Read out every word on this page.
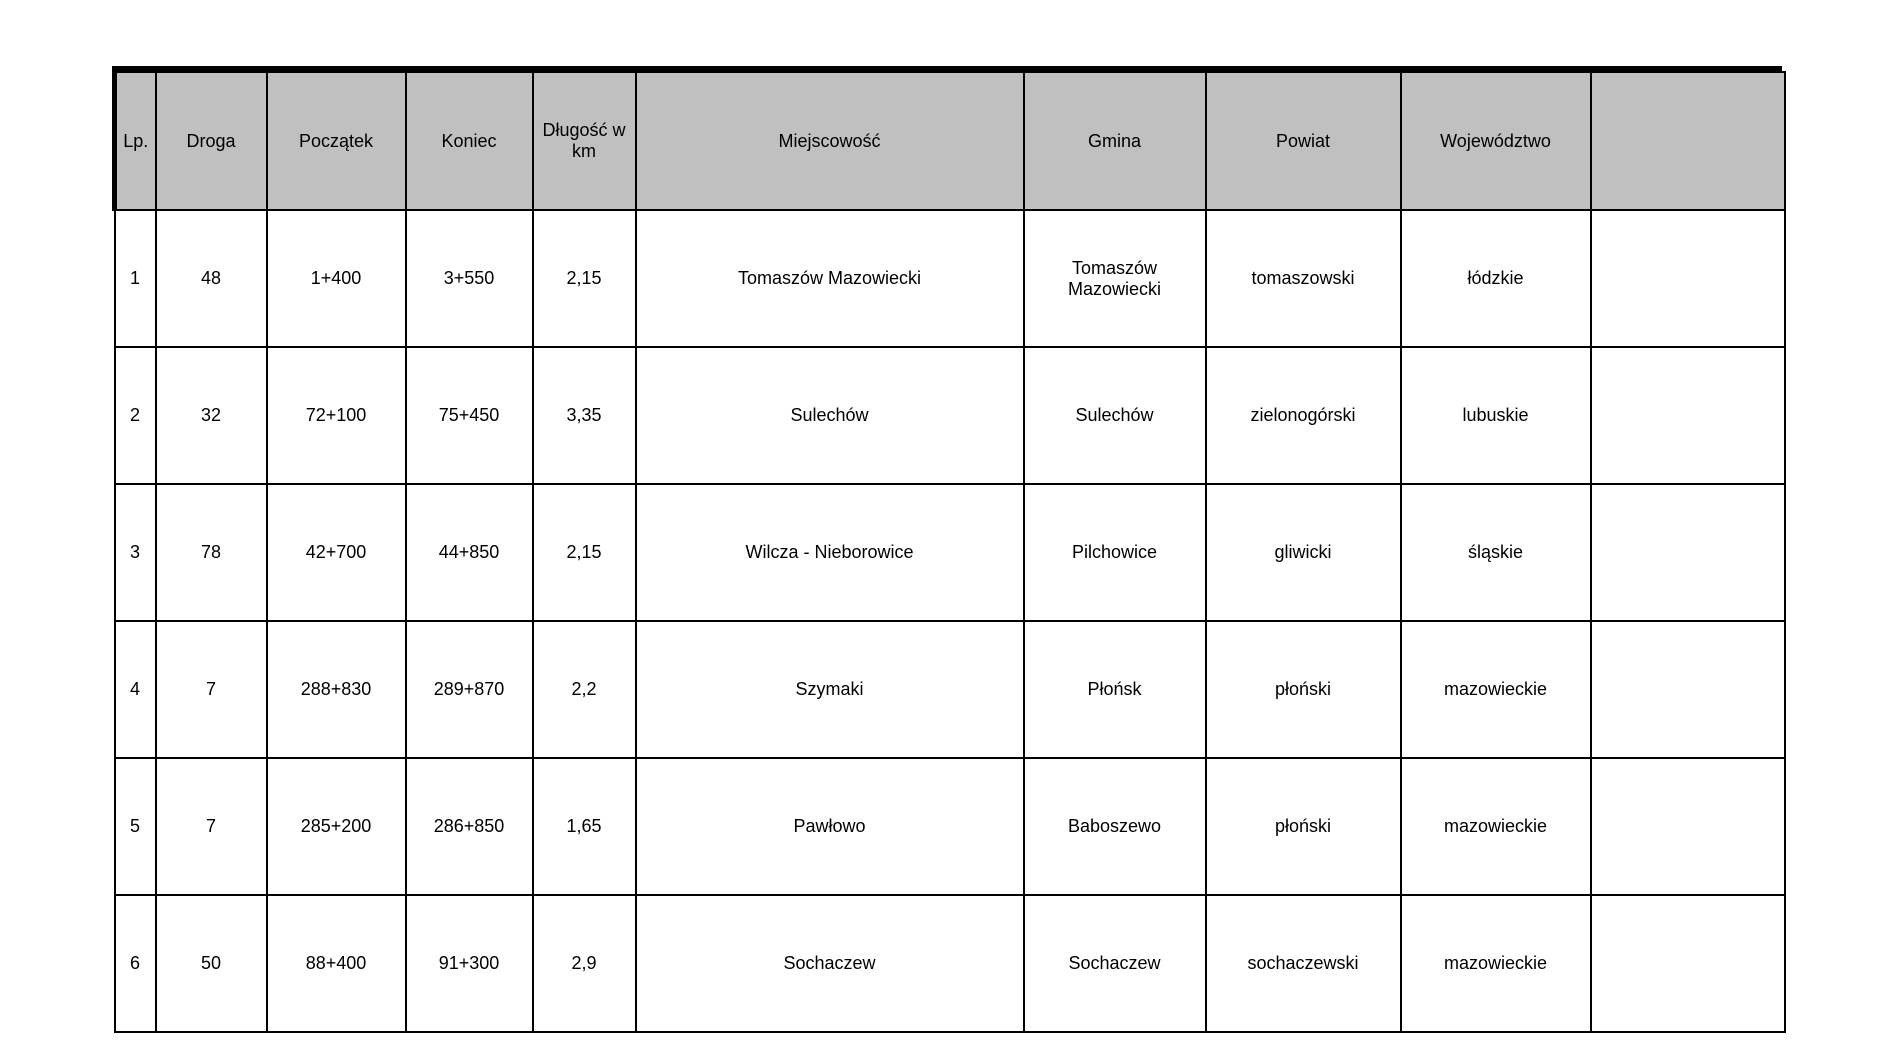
Lp.	Droga	Początek	Koniec	Długość w km	Miejscowość	Gmina	Powiat	Województwo	
1	48	1+400	3+550	2,15	Tomaszów Mazowiecki	Tomaszów Mazowiecki	tomaszowski	łódzkie	
2	32	72+100	75+450	3,35	Sulechów	Sulechów	zielonogórski	lubuskie	
3	78	42+700	44+850	2,15	Wilcza - Nieborowice	Pilchowice	gliwicki	śląskie	
4	7	288+830	289+870	2,2	Szymaki	Płońsk	płoński	mazowieckie	
5	7	285+200	286+850	1,65	Pawłowo	Baboszewo	płoński	mazowieckie	
6	50	88+400	91+300	2,9	Sochaczew	Sochaczew	sochaczewski	mazowieckie	
